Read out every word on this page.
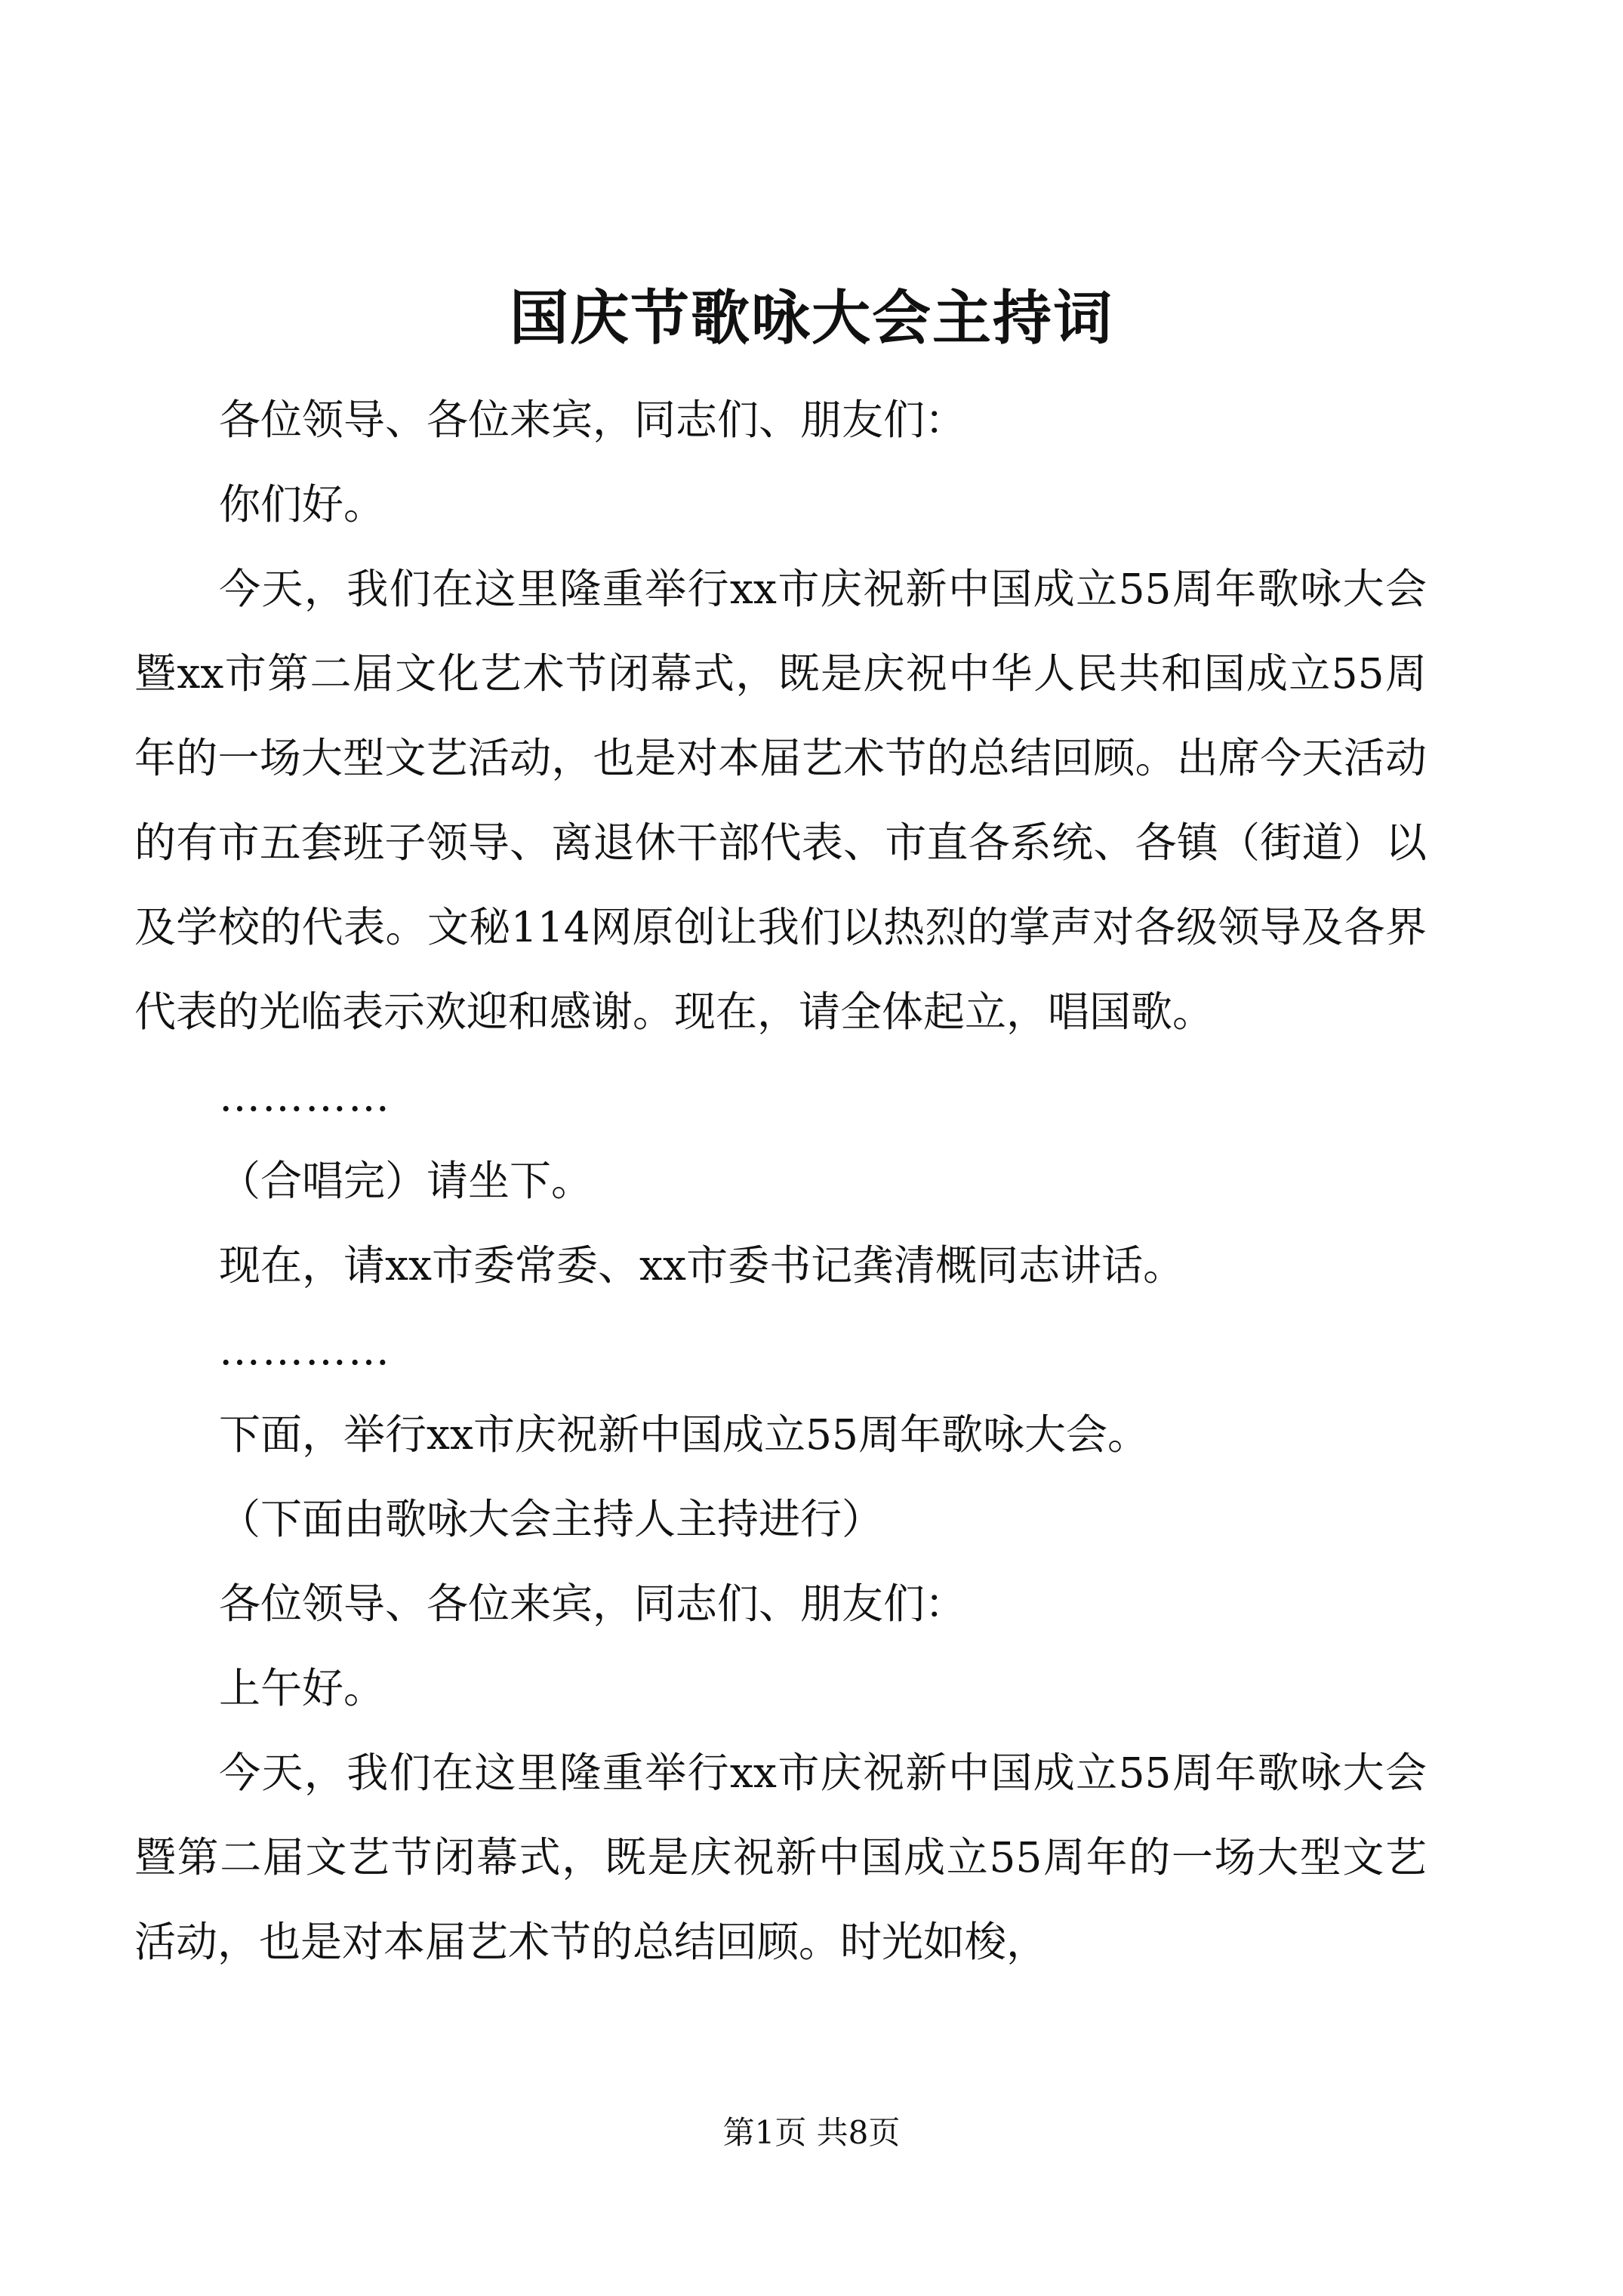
国庆节歌咏大会主持词

各位领导、各位来宾，同志们、朋友们：

你们好。

今天，我们在这里隆重举行xx市庆祝新中国成立55周年歌咏大会暨xx市第二届文化艺术节闭幕式，既是庆祝中华人民共和国成立55周年的一场大型文艺活动，也是对本届艺术节的总结回顾。出席今天活动的有市五套班子领导、离退休干部代表、市直各系统、各镇（街道）以及学校的代表。文秘114网原创让我们以热烈的掌声对各级领导及各界代表的光临表示欢迎和感谢。现在，请全体起立，唱国歌。

…………

（合唱完）请坐下。

现在，请xx市委常委、xx市委书记龚清概同志讲话。

…………

下面，举行xx市庆祝新中国成立55周年歌咏大会。

（下面由歌咏大会主持人主持进行）

各位领导、各位来宾，同志们、朋友们：

上午好。

今天，我们在这里隆重举行xx市庆祝新中国成立55周年歌咏大会暨第二届文艺节闭幕式，既是庆祝新中国成立55周年的一场大型文艺活动，也是对本届艺术节的总结回顾。时光如梭，

第1页 共8页
